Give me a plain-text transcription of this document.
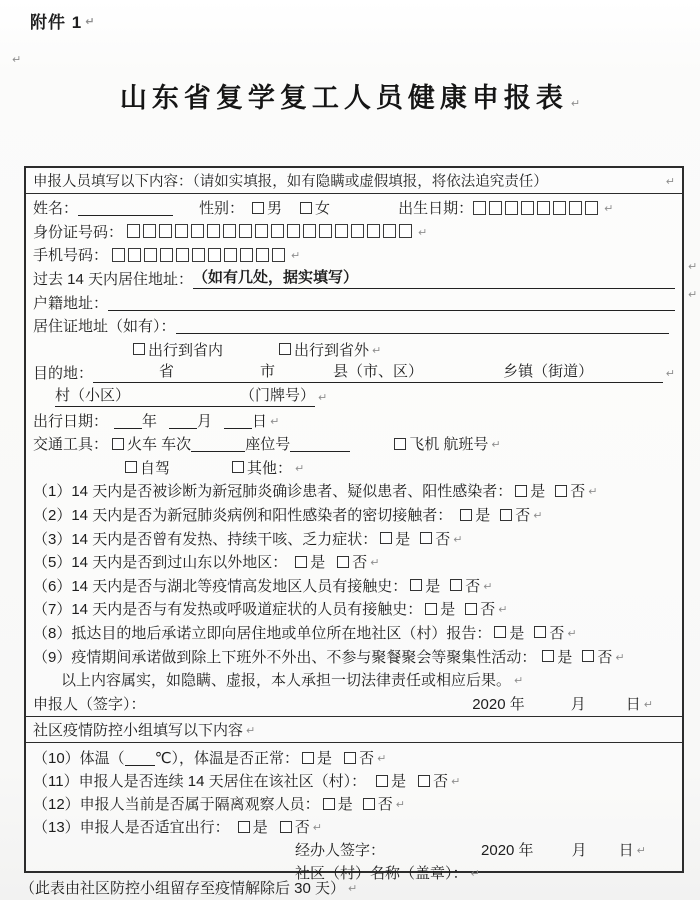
附件 1 ↵
↵
山东省复学复工人员健康申报表 ↵
申报人员填写以下内容：（请如实填报，如有隐瞒或虚假填报，将依法追究责任）	↵
姓名：	性别： 男 女	出生日期：	↵
身份证号码：	↵
手机号码：	↵
过去 14 天内居住地址： （如有几处，据实填写）
户籍地址：
居住证地址（如有）：
出行到省内	出行到省外 ↵
目的地：	省	市	县（市、区）	乡镇（街道）	↵
村（小区）	（门牌号） ↵
出行日期： 年	月	日 ↵
交通工具： 火车 车次	座位号	飞机 航班号 ↵
自驾	其他： ↵
（1）14 天内是否被诊断为新冠肺炎确诊患者、疑似患者、阳性感染者： 是 否 ↵
（2）14 天内是否为新冠肺炎病例和阳性感染者的密切接触者： 是 否 ↵
（3）14 天内是否曾有发热、持续干咳、乏力症状： 是 否 ↵
（5）14 天内是否到过山东以外地区： 是 否 ↵
（6）14 天内是否与湖北等疫情高发地区人员有接触史： 是 否 ↵
（7）14 天内是否与有发热或呼吸道症状的人员有接触史： 是 否 ↵
（8）抵达目的地后承诺立即向居住地或单位所在地社区（村）报告： 是 否 ↵
（9）疫情期间承诺做到除上下班外不外出、不参与聚餐聚会等聚集性活动： 是 否 ↵
以上内容属实，如隐瞒、虚报，本人承担一切法律责任或相应后果。 ↵
申报人（签字）：	2020 年	月	日 ↵
社区疫情防控小组填写以下内容 ↵
（10）体温（ ℃），体温是否正常： 是 否 ↵
（11）申报人是否连续 14 天居住在该社区（村）： 是 否 ↵
（12）申报人当前是否属于隔离观察人员： 是 否 ↵
（13）申报人是否适宜出行： 是 否 ↵
经办人签字：	2020 年	月 日 ↵
社区（村）名称（盖章）： ↵
↵
↵
（此表由社区防控小组留存至疫情解除后 30 天） ↵
